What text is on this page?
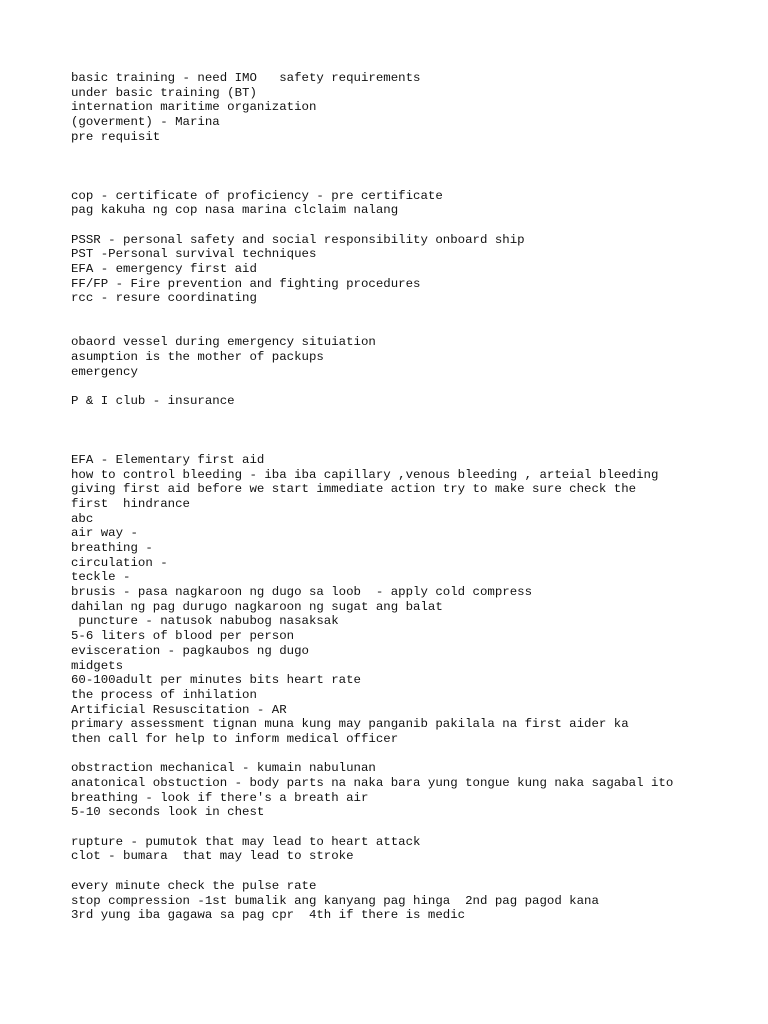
basic training - need IMO   safety requirements
under basic training (BT)
internation maritime organization
(goverment) - Marina
pre requisit
cop - certificate of proficiency - pre certificate
pag kakuha ng cop nasa marina clclaim nalang
PSSR - personal safety and social responsibility onboard ship
PST -Personal survival techniques
EFA - emergency first aid
FF/FP - Fire prevention and fighting procedures
rcc - resure coordinating
obaord vessel during emergency situiation
asumption is the mother of packups
emergency
P & I club - insurance
EFA - Elementary first aid
how to control bleeding - iba iba capillary ,venous bleeding , arteial bleeding
giving first aid before we start immediate action try to make sure check the
first  hindrance
abc
air way -
breathing -
circulation -
teckle -
brusis - pasa nagkaroon ng dugo sa loob  - apply cold compress
dahilan ng pag durugo nagkaroon ng sugat ang balat
puncture - natusok nabubog nasaksak
5-6 liters of blood per person
evisceration - pagkaubos ng dugo
midgets
60-100adult per minutes bits heart rate
the process of inhilation
Artificial Resuscitation - AR
primary assessment tignan muna kung may panganib pakilala na first aider ka
then call for help to inform medical officer
obstraction mechanical - kumain nabulunan
anatonical obstuction - body parts na naka bara yung tongue kung naka sagabal ito
breathing - look if there's a breath air
5-10 seconds look in chest
rupture - pumutok that may lead to heart attack
clot - bumara  that may lead to stroke
every minute check the pulse rate
stop compression -1st bumalik ang kanyang pag hinga  2nd pag pagod kana
3rd yung iba gagawa sa pag cpr  4th if there is medic
